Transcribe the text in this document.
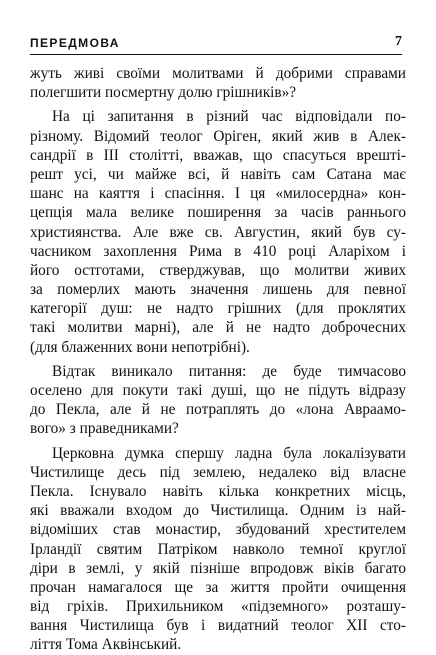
ПЕРЕДМОВА	7
жуть живі своїми молитвами й добрими справами
полегшити посмертну долю грішників»?
На ці запитання в різний час відповідали по-
різному. Відомий теолог Оріген, який жив в Алек-
сандрії в III столітті, вважав, що спасуться врешті-
решт усі, чи майже всі, й навіть сам Сатана має
шанс на каяття і спасіння. І ця «милосердна» кон-
цепція мала велике поширення за часів раннього
християнства. Але вже св. Августин, який був су-
часником захоплення Рима в 410 році Аларіхом і
його остготами, стверджував, що молитви живих
за померлих мають значення лишень для певної
категорії душ: не надто грішних (для проклятих
такі молитви марні), але й не надто доброчесних
(для блаженних вони непотрібні).
Відтак виникало питання: де буде тимчасово
оселено для покути такі душі, що не підуть відразу
до Пекла, але й не потраплять до «лона Авраамо-
вого» з праведниками?
Церковна думка спершу ладна була локалізувати
Чистилище десь під землею, недалеко від власне
Пекла. Існувало навіть кілька конкретних місць,
які вважали входом до Чистилища. Одним із най-
відоміших став монастир, збудований хрестителем
Ірландії святим Патріком навколо темної круглої
діри в землі, у якій пізніше впродовж віків багато
прочан намагалося ще за життя пройти очищення
від гріхів. Прихильником «підземного» розташу-
вання Чистилища був і видатний теолог XII сто-
ліття Тома Аквінський.
